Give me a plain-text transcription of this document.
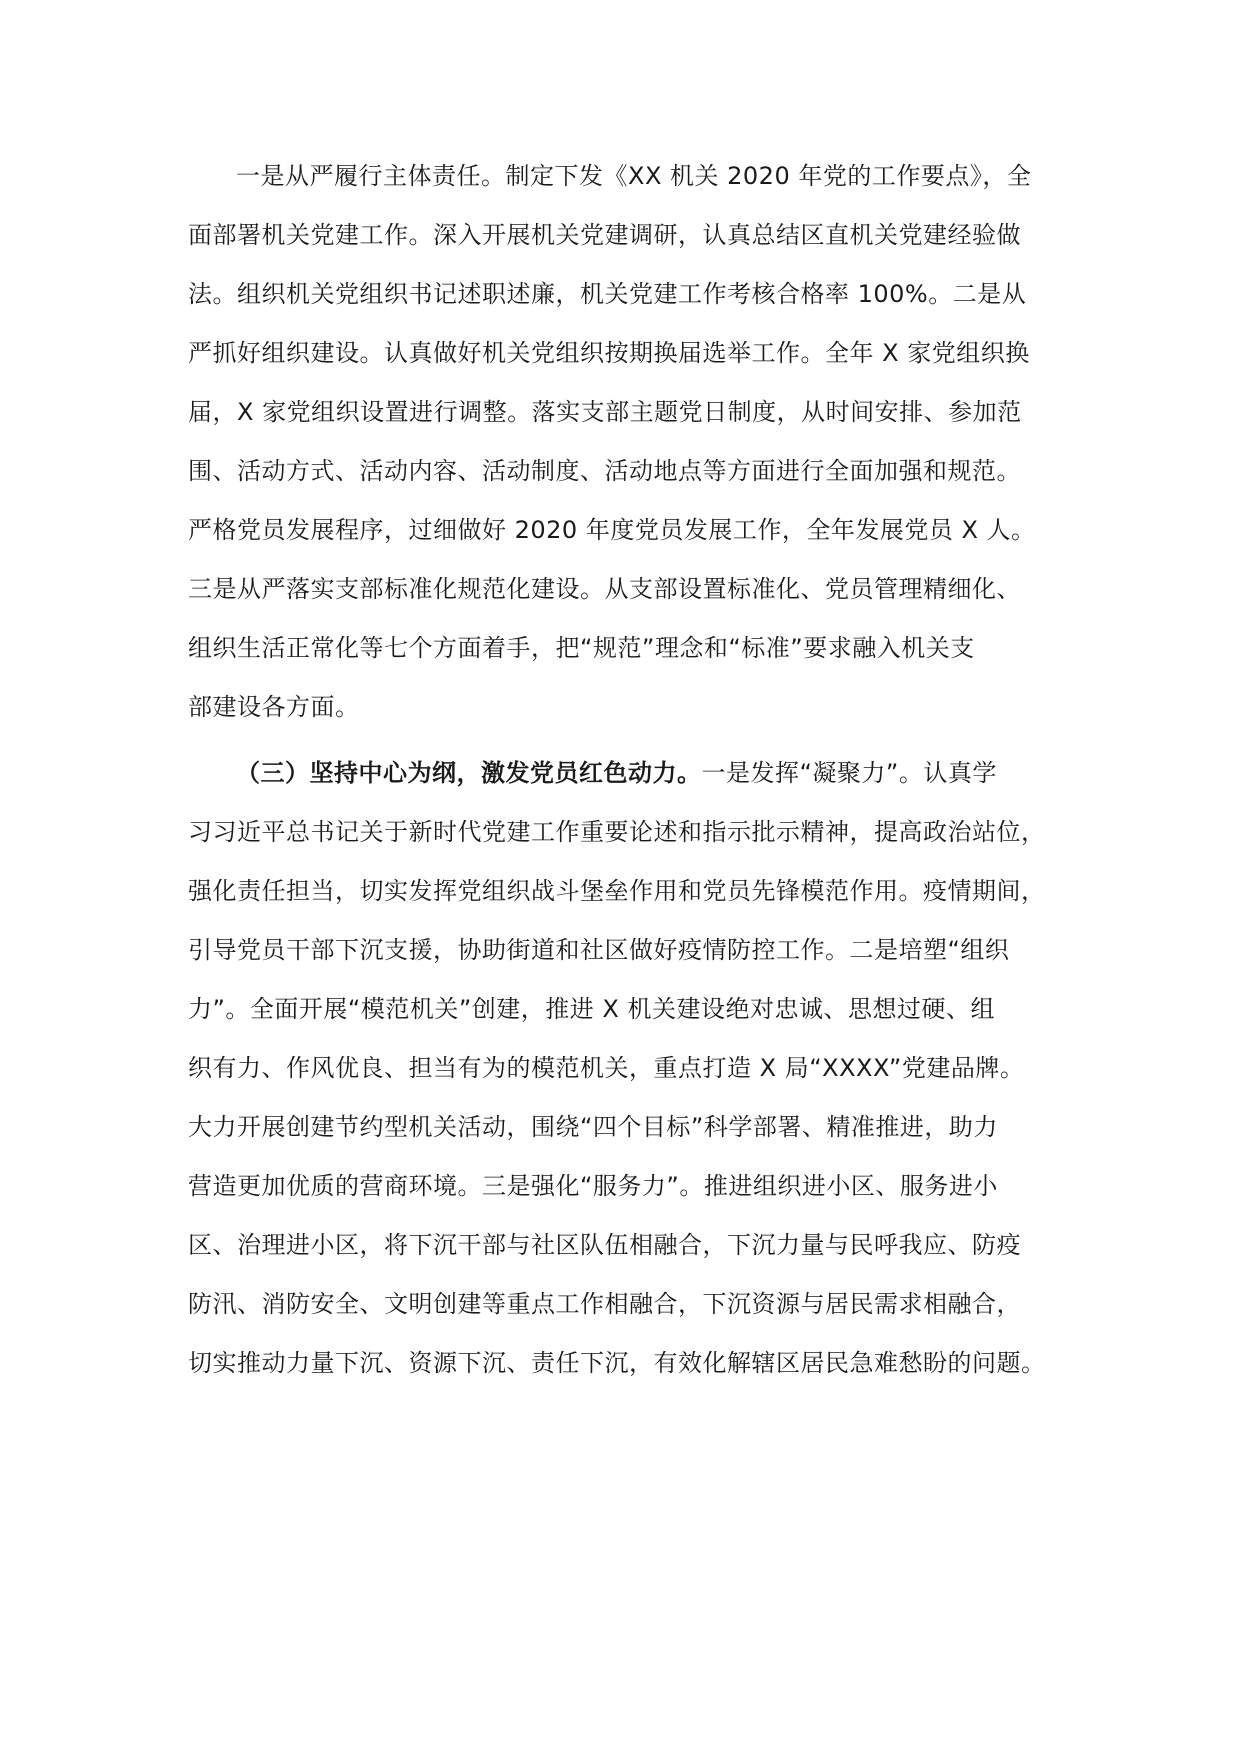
一是从严履行主体责任。制定下发《XX 机关 2020 年党的工作要点》，全
面部署机关党建工作。深入开展机关党建调研，认真总结区直机关党建经验做
法。组织机关党组织书记述职述廉，机关党建工作考核合格率 100%。二是从
严抓好组织建设。认真做好机关党组织按期换届选举工作。全年 X 家党组织换
届，X 家党组织设置进行调整。落实支部主题党日制度，从时间安排、参加范
围、活动方式、活动内容、活动制度、活动地点等方面进行全面加强和规范。
严格党员发展程序，过细做好 2020 年度党员发展工作，全年发展党员 X 人。
三是从严落实支部标准化规范化建设。从支部设置标准化、党员管理精细化、
组织生活正常化等七个方面着手，把“规范”理念和“标准”要求融入机关支
部建设各方面。
（三）坚持中心为纲，激发党员红色动力。一是发挥“凝聚力”。认真学
习习近平总书记关于新时代党建工作重要论述和指示批示精神，提高政治站位，
强化责任担当，切实发挥党组织战斗堡垒作用和党员先锋模范作用。疫情期间，
引导党员干部下沉支援，协助街道和社区做好疫情防控工作。二是培塑“组织
力”。全面开展“模范机关”创建，推进 X 机关建设绝对忠诚、思想过硬、组
织有力、作风优良、担当有为的模范机关，重点打造 X 局“XXXX”党建品牌。
大力开展创建节约型机关活动，围绕“四个目标”科学部署、精准推进，助力
营造更加优质的营商环境。三是强化“服务力”。推进组织进小区、服务进小
区、治理进小区，将下沉干部与社区队伍相融合，下沉力量与民呼我应、防疫
防汛、消防安全、文明创建等重点工作相融合，下沉资源与居民需求相融合，
切实推动力量下沉、资源下沉、责任下沉，有效化解辖区居民急难愁盼的问题。
